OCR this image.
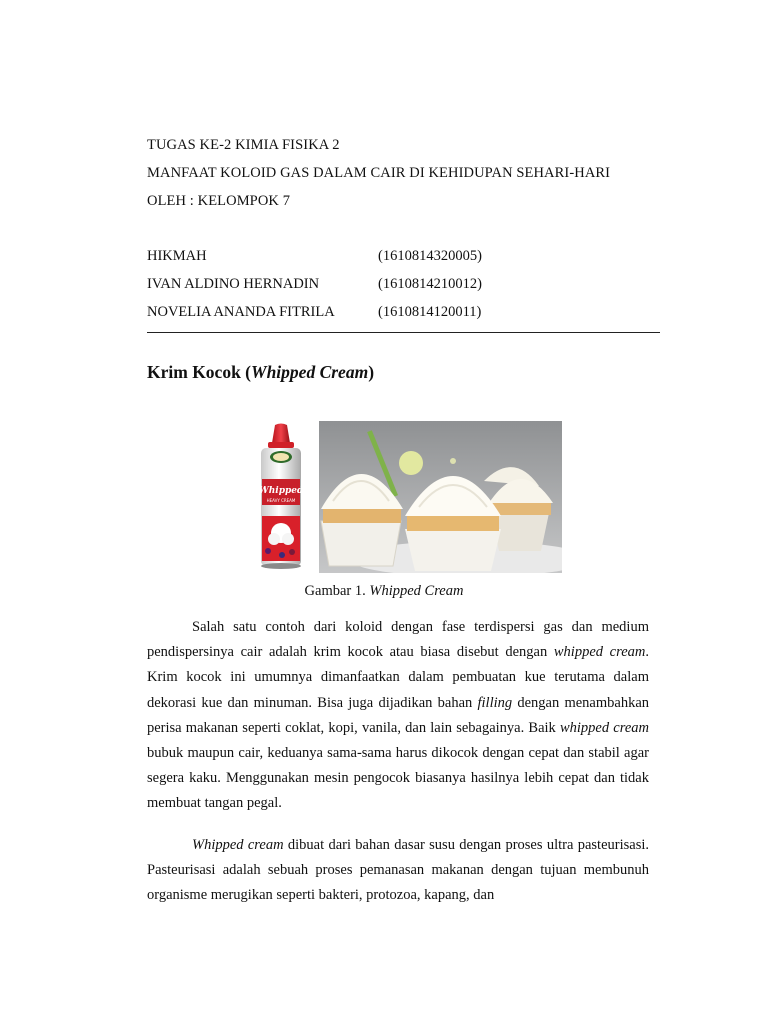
TUGAS KE-2 KIMIA FISIKA 2
MANFAAT KOLOID GAS DALAM CAIR DI KEHIDUPAN SEHARI-HARI
OLEH : KELOMPOK 7
HIKMAH	(1610814320005)
IVAN ALDINO HERNADIN	(1610814210012)
NOVELIA ANANDA FITRILA	(1610814120011)
Krim Kocok (Whipped Cream)
Whipped
HEAVY CREAM
Gambar 1. Whipped Cream

Salah satu contoh dari koloid dengan fase terdispersi gas dan medium pendispersinya cair adalah krim kocok atau biasa disebut dengan whipped cream. Krim kocok ini umumnya dimanfaatkan dalam pembuatan kue terutama dalam dekorasi kue dan minuman. Bisa juga dijadikan bahan filling dengan menambahkan perisa makanan seperti coklat, kopi, vanila, dan lain sebagainya. Baik whipped cream bubuk maupun cair, keduanya sama-sama harus dikocok dengan cepat dan stabil agar segera kaku. Menggunakan mesin pengocok biasanya hasilnya lebih cepat dan tidak membuat tangan pegal.

Whipped cream dibuat dari bahan dasar susu dengan proses ultra pasteurisasi. Pasteurisasi adalah sebuah proses pemanasan makanan dengan tujuan membunuh organisme merugikan seperti bakteri, protozoa, kapang, dan
